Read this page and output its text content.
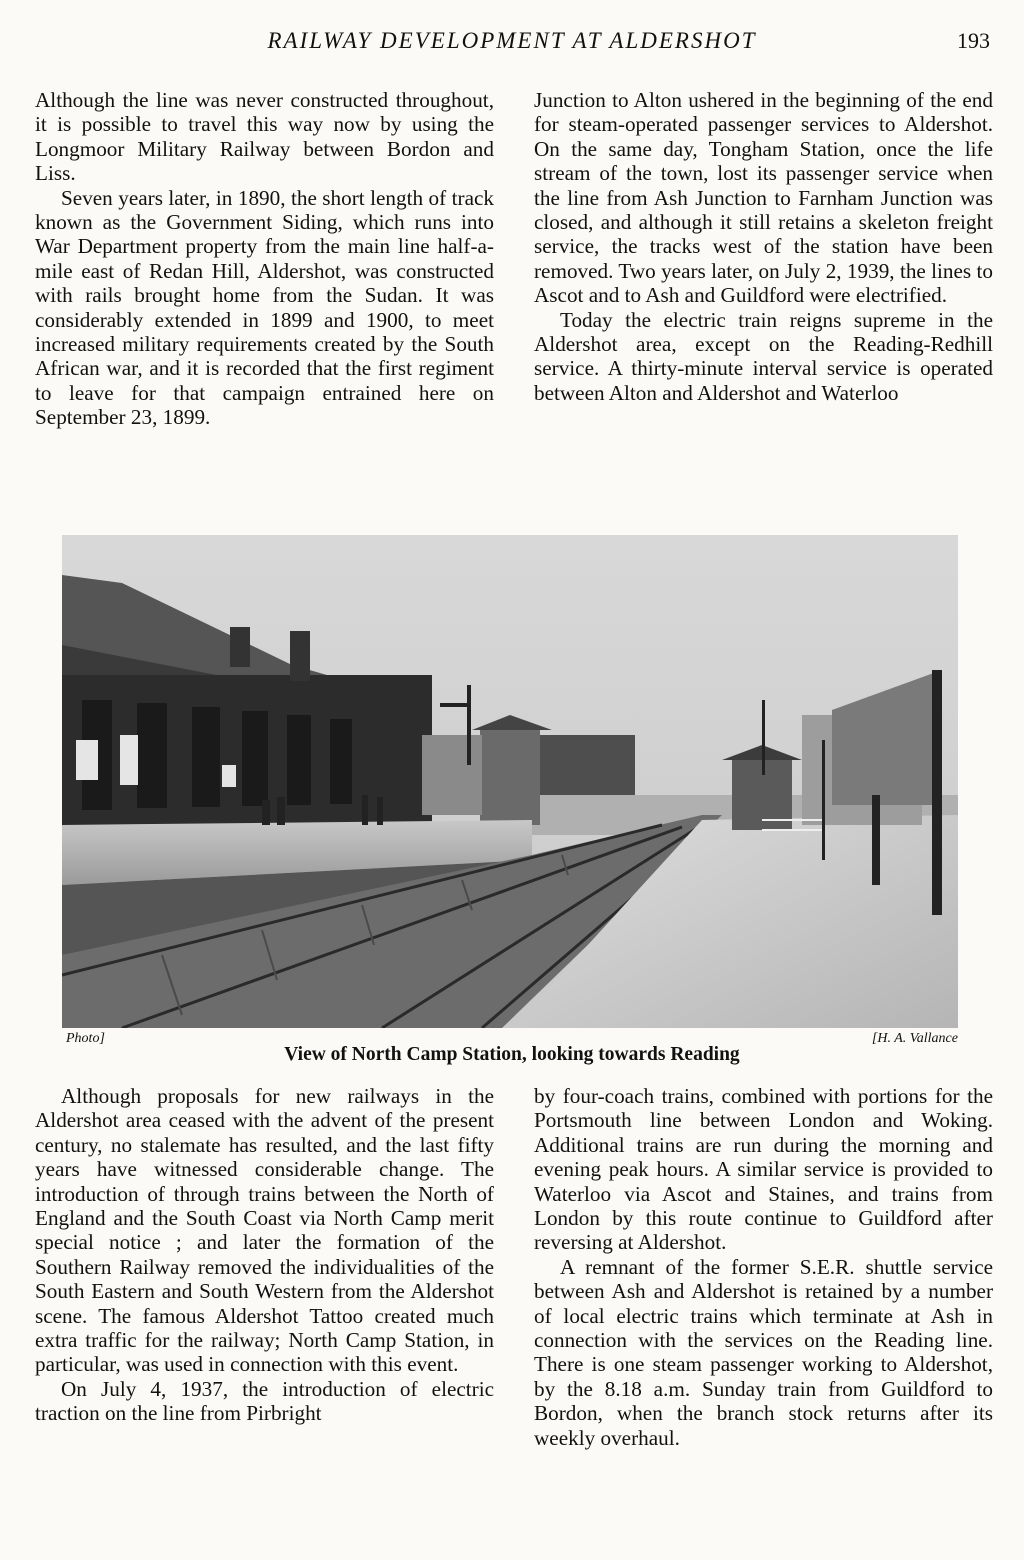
RAILWAY DEVELOPMENT AT ALDERSHOT	193

Although the line was never constructed throughout, it is possible to travel this way now by using the Longmoor Military Railway between Bordon and Liss.

Seven years later, in 1890, the short length of track known as the Government Siding, which runs into War Department property from the main line half-a-mile east of Redan Hill, Aldershot, was constructed with rails brought home from the Sudan. It was considerably extended in 1899 and 1900, to meet increased military requirements created by the South African war, and it is recorded that the first regiment to leave for that campaign entrained here on September 23, 1899.

Junction to Alton ushered in the beginning of the end for steam-operated passenger services to Aldershot. On the same day, Tongham Station, once the life stream of the town, lost its passenger service when the line from Ash Junction to Farnham Junction was closed, and although it still retains a skeleton freight service, the tracks west of the station have been removed. Two years later, on July 2, 1939, the lines to Ascot and to Ash and Guildford were electrified.

Today the electric train reigns supreme in the Aldershot area, except on the Reading-Redhill service. A thirty-minute interval service is operated between Alton and Aldershot and Waterloo

Photo]	[H. A. Vallance
View of North Camp Station, looking towards Reading

Although proposals for new railways in the Aldershot area ceased with the advent of the present century, no stalemate has resulted, and the last fifty years have witnessed considerable change. The introduction of through trains between the North of England and the South Coast via North Camp merit special notice ; and later the formation of the Southern Railway removed the individualities of the South Eastern and South Western from the Aldershot scene. The famous Aldershot Tattoo created much extra traffic for the railway; North Camp Station, in particular, was used in connection with this event.

On July 4, 1937, the introduction of electric traction on the line from Pirbright

by four-coach trains, combined with portions for the Portsmouth line between London and Woking. Additional trains are run during the morning and evening peak hours. A similar service is provided to Waterloo via Ascot and Staines, and trains from London by this route continue to Guildford after reversing at Aldershot.

A remnant of the former S.E.R. shuttle service between Ash and Aldershot is retained by a number of local electric trains which terminate at Ash in connection with the services on the Reading line. There is one steam passenger working to Aldershot, by the 8.18 a.m. Sunday train from Guildford to Bordon, when the branch stock returns after its weekly overhaul.
